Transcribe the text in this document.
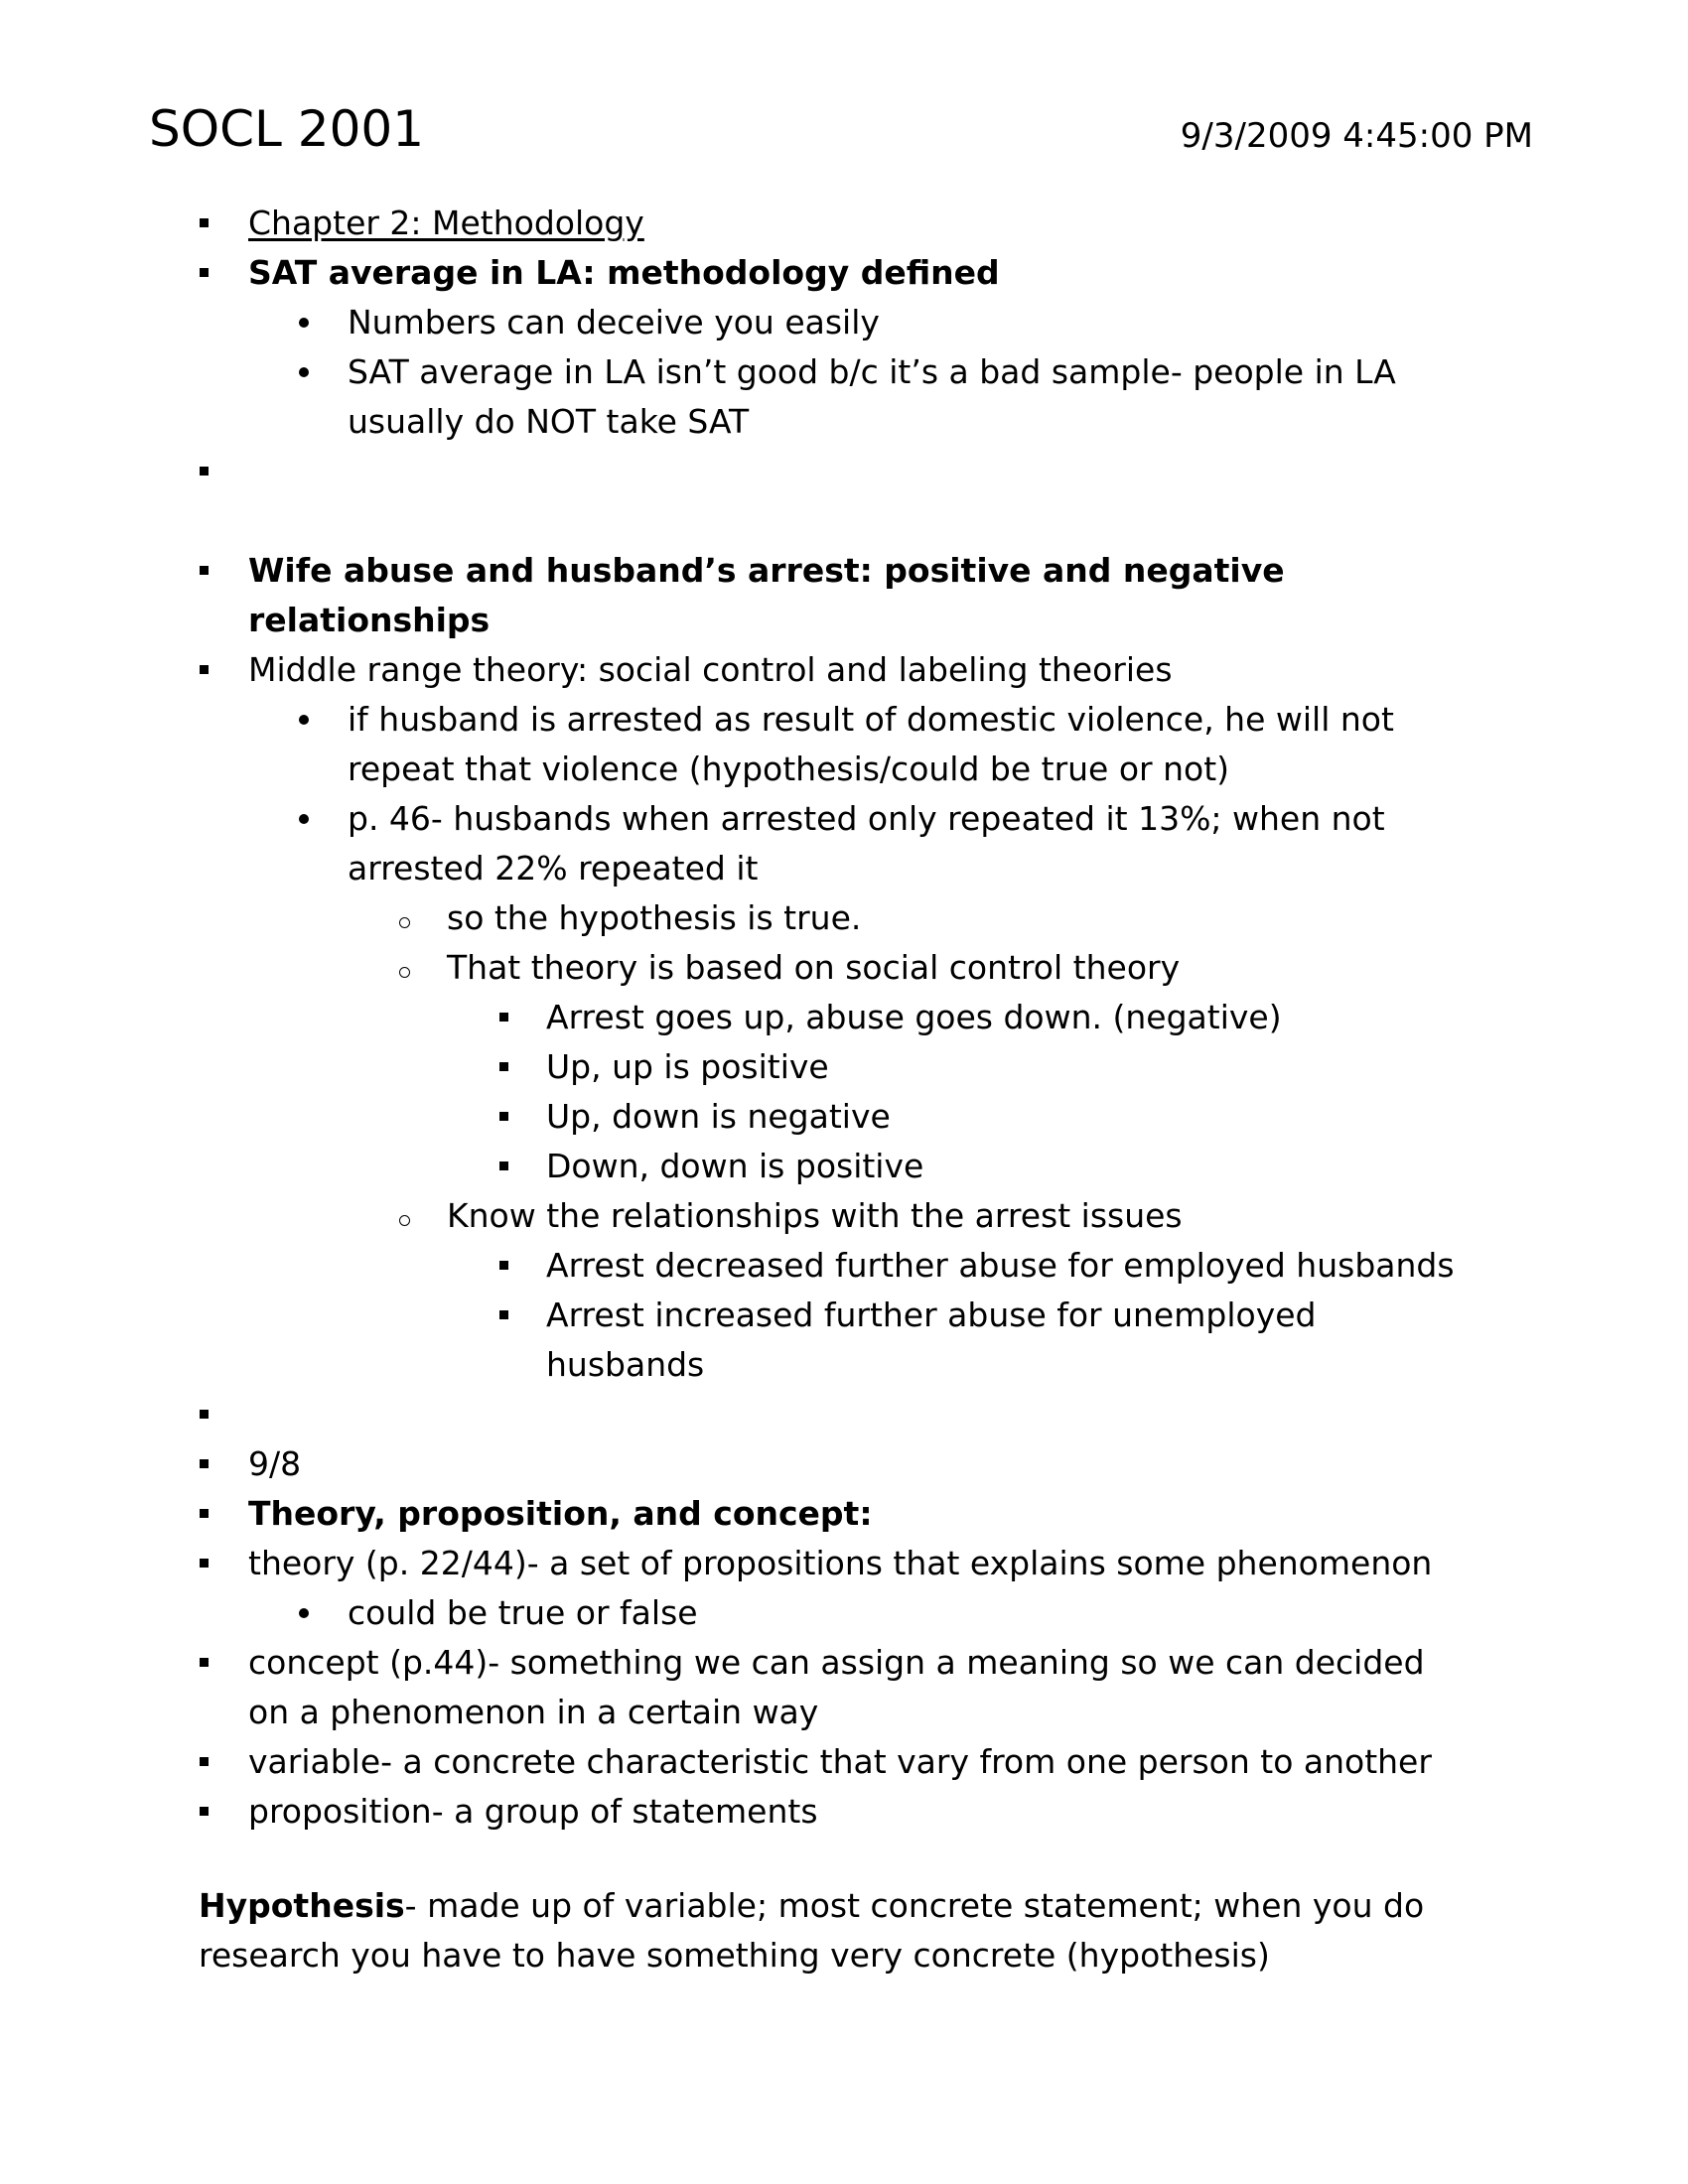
SOCL 2001	9/3/2009 4:45:00 PM
Chapter 2: Methodology
SAT average in LA: methodology defined
Numbers can deceive you easily
SAT average in LA isn’t good b/c it’s a bad sample- people in LA
usually do NOT take SAT
Wife abuse and husband’s arrest: positive and negative
relationships
Middle range theory: social control and labeling theories
if husband is arrested as result of domestic violence, he will not
repeat that violence (hypothesis/could be true or not)
p. 46- husbands when arrested only repeated it 13%; when not
arrested 22% repeated it
so the hypothesis is true.
That theory is based on social control theory
Arrest goes up, abuse goes down. (negative)
Up, up is positive
Up, down is negative
Down, down is positive
Know the relationships with the arrest issues
Arrest decreased further abuse for employed husbands
Arrest increased further abuse for unemployed
husbands
9/8
Theory, proposition, and concept:
theory (p. 22/44)- a set of propositions that explains some phenomenon
could be true or false
concept (p.44)- something we can assign a meaning so we can decided
on a phenomenon in a certain way
variable- a concrete characteristic that vary from one person to another
proposition- a group of statements
Hypothesis- made up of variable; most concrete statement; when you do research you have to have something very concrete (hypothesis)
